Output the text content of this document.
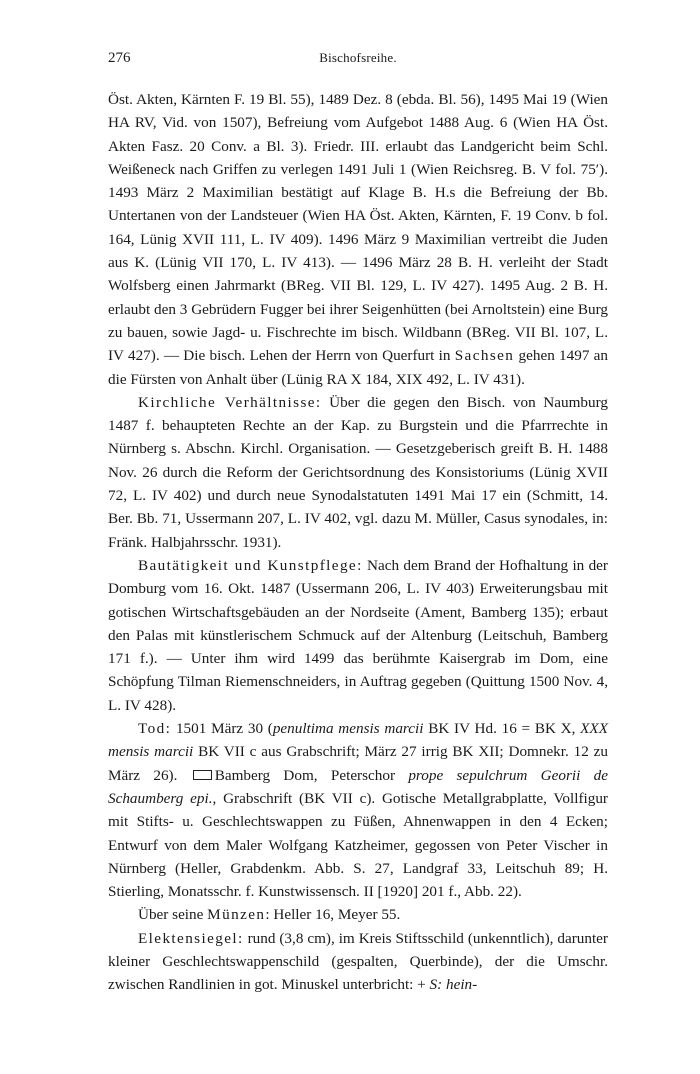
276	Bischofsreihe.

Öst. Akten, Kärnten F. 19 Bl. 55), 1489 Dez. 8 (ebda. Bl. 56), 1495 Mai 19 (Wien HA RV, Vid. von 1507), Befreiung vom Aufgebot 1488 Aug. 6 (Wien HA Öst. Akten Fasz. 20 Conv. a Bl. 3). Friedr. III. erlaubt das Landgericht beim Schl. Weißeneck nach Griffen zu verlegen 1491 Juli 1 (Wien Reichsreg. B. V fol. 75′). 1493 März 2 Maximilian bestätigt auf Klage B. H.s die Befreiung der Bb. Untertanen von der Landsteuer (Wien HA Öst. Akten, Kärnten, F. 19 Conv. b fol. 164, Lünig XVII 111, L. IV 409). 1496 März 9 Maximilian vertreibt die Juden aus K. (Lünig VII 170, L. IV 413). — 1496 März 28 B. H. verleiht der Stadt Wolfsberg einen Jahrmarkt (BReg. VII Bl. 129, L. IV 427). 1495 Aug. 2 B. H. erlaubt den 3 Gebrüdern Fugger bei ihrer Seigenhütten (bei Arnoltstein) eine Burg zu bauen, sowie Jagd- u. Fischrechte im bisch. Wildbann (BReg. VII Bl. 107, L. IV 427). — Die bisch. Lehen der Herrn von Querfurt in Sachsen gehen 1497 an die Fürsten von Anhalt über (Lünig RA X 184, XIX 492, L. IV 431).

Kirchliche Verhältnisse: Über die gegen den Bisch. von Naumburg 1487 f. behaupteten Rechte an der Kap. zu Burgstein und die Pfarrrechte in Nürnberg s. Abschn. Kirchl. Organisation. — Gesetzgeberisch greift B. H. 1488 Nov. 26 durch die Reform der Gerichtsordnung des Konsistoriums (Lünig XVII 72, L. IV 402) und durch neue Synodalstatuten 1491 Mai 17 ein (Schmitt, 14. Ber. Bb. 71, Ussermann 207, L. IV 402, vgl. dazu M. Müller, Casus synodales, in: Fränk. Halbjahrsschr. 1931).

Bautätigkeit und Kunstpflege: Nach dem Brand der Hofhaltung in der Domburg vom 16. Okt. 1487 (Ussermann 206, L. IV 403) Erweiterungsbau mit gotischen Wirtschaftsgebäuden an der Nordseite (Ament, Bamberg 135); erbaut den Palas mit künstlerischem Schmuck auf der Altenburg (Leitschuh, Bamberg 171 f.). — Unter ihm wird 1499 das berühmte Kaisergrab im Dom, eine Schöpfung Tilman Riemenschneiders, in Auftrag gegeben (Quittung 1500 Nov. 4, L. IV 428).

Tod: 1501 März 30 (penultima mensis marcii BK IV Hd. 16 = BK X, XXX mensis marcii BK VII c aus Grabschrift; März 27 irrig BK XII; Domnekr. 12 zu März 26). Bamberg Dom, Peterschor prope sepulchrum Georii de Schaumberg epi., Grabschrift (BK VII c). Gotische Metallgrabplatte, Vollfigur mit Stifts- u. Geschlechtswappen zu Füßen, Ahnenwappen in den 4 Ecken; Entwurf von dem Maler Wolfgang Katzheimer, gegossen von Peter Vischer in Nürnberg (Heller, Grabdenkm. Abb. S. 27, Landgraf 33, Leitschuh 89; H. Stierling, Monatsschr. f. Kunstwissensch. II [1920] 201 f., Abb. 22).

Über seine Münzen: Heller 16, Meyer 55.

Elektensiegel: rund (3,8 cm), im Kreis Stiftsschild (unkenntlich), darunter kleiner Geschlechtswappenschild (gespalten, Querbinde), der die Umschr. zwischen Randlinien in got. Minuskel unterbricht: + S: hein-
